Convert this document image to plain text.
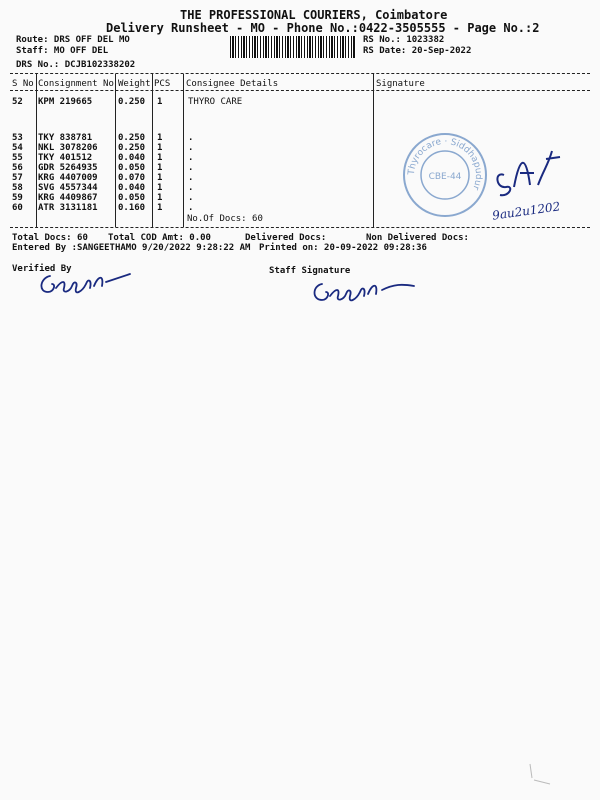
THE PROFESSIONAL COURIERS, Coimbatore
Delivery Runsheet - MO - Phone No.:0422-3505555 - Page No.:2
Route: DRS OFF DEL MO
Staff: MO OFF DEL
DRS No.: DCJB102338202
RS No.: 1023382
RS Date: 20-Sep-2022
S No Consignment No Weight PCS Consignee Details	Signature
52 KPM 219665	0.250 1	THYRO CARE
53 TKY 838781	0.250 1	.
54 NKL 3078206 0.250 1	.
55 TKY 401512	0.040 1	.
56 GDR 5264935 0.050 1	.
57 KRG 4407009 0.070 1	.
58 SVG 4557344 0.040 1	.
59 KRG 4409867 0.050 1	.
60 ATR 3131181 0.160 1	.
No.Of Docs: 60
Thyrocare · Siddhapudur
CBE-44
9au2u1202
Total Docs: 60 Total COD Amt: 0.00	Delivered Docs:	Non Delivered Docs:
Entered By :SANGEETHAMO 9/20/2022 9:28:22 AM Printed on: 20-09-2022 09:28:36
Verified By	Staff Signature
